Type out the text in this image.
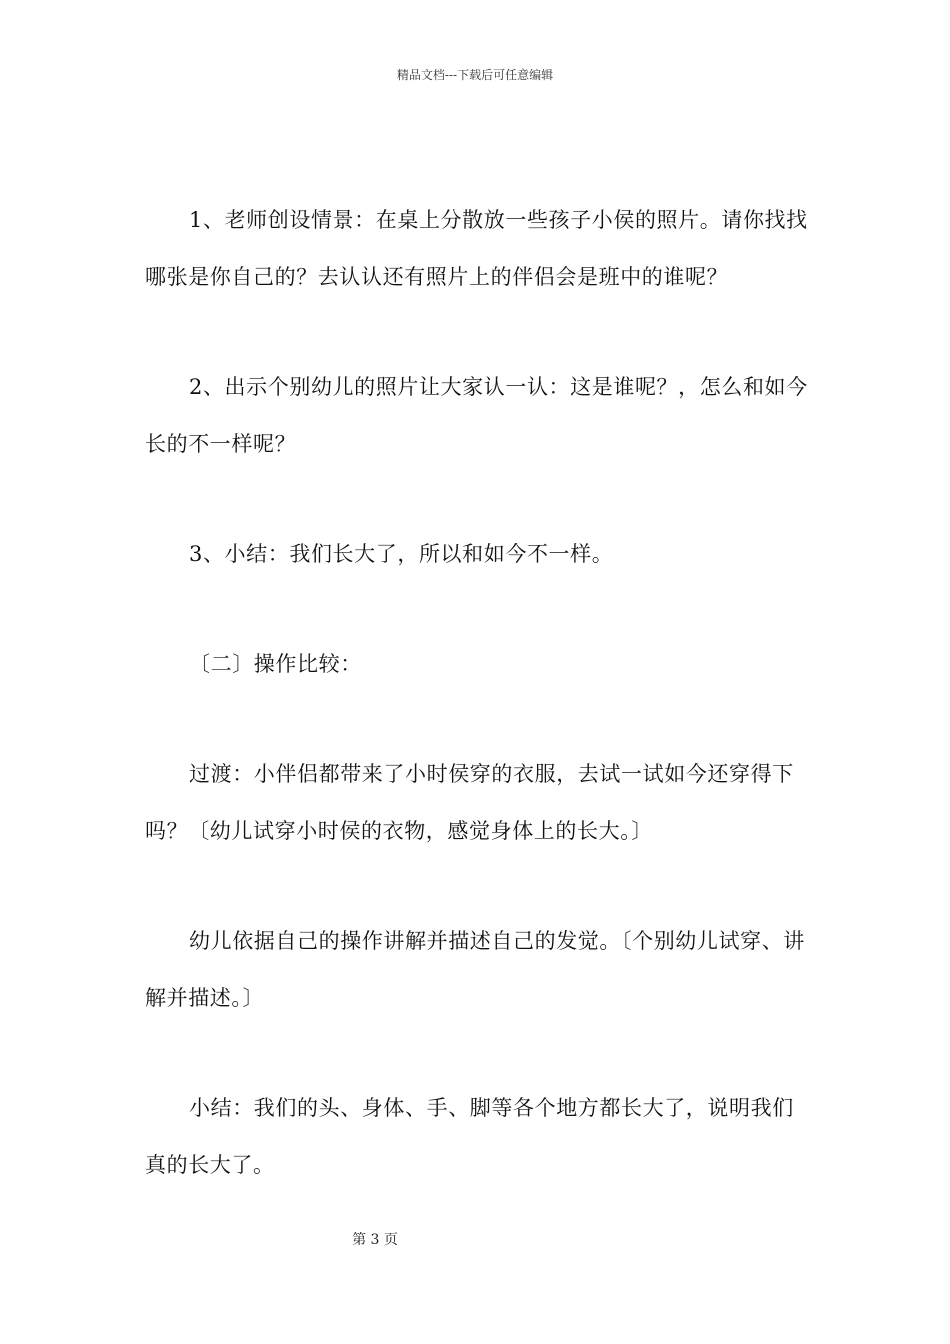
精品文档---下载后可任意编辑

1、老师创设情景：在桌上分散放一些孩子小侯的照片。请你找找哪张是你自己的？去认认还有照片上的伴侣会是班中的谁呢？

2、出示个别幼儿的照片让大家认一认：这是谁呢？，怎么和如今长的不一样呢？

3、小结：我们长大了，所以和如今不一样。

〔二〕操作比较：

过渡：小伴侣都带来了小时侯穿的衣服，去试一试如今还穿得下吗？〔幼儿试穿小时侯的衣物，感觉身体上的长大。〕

幼儿依据自己的操作讲解并描述自己的发觉。〔个别幼儿试穿、讲解并描述。〕

小结：我们的头、身体、手、脚等各个地方都长大了，说明我们真的长大了。

第 3 页
